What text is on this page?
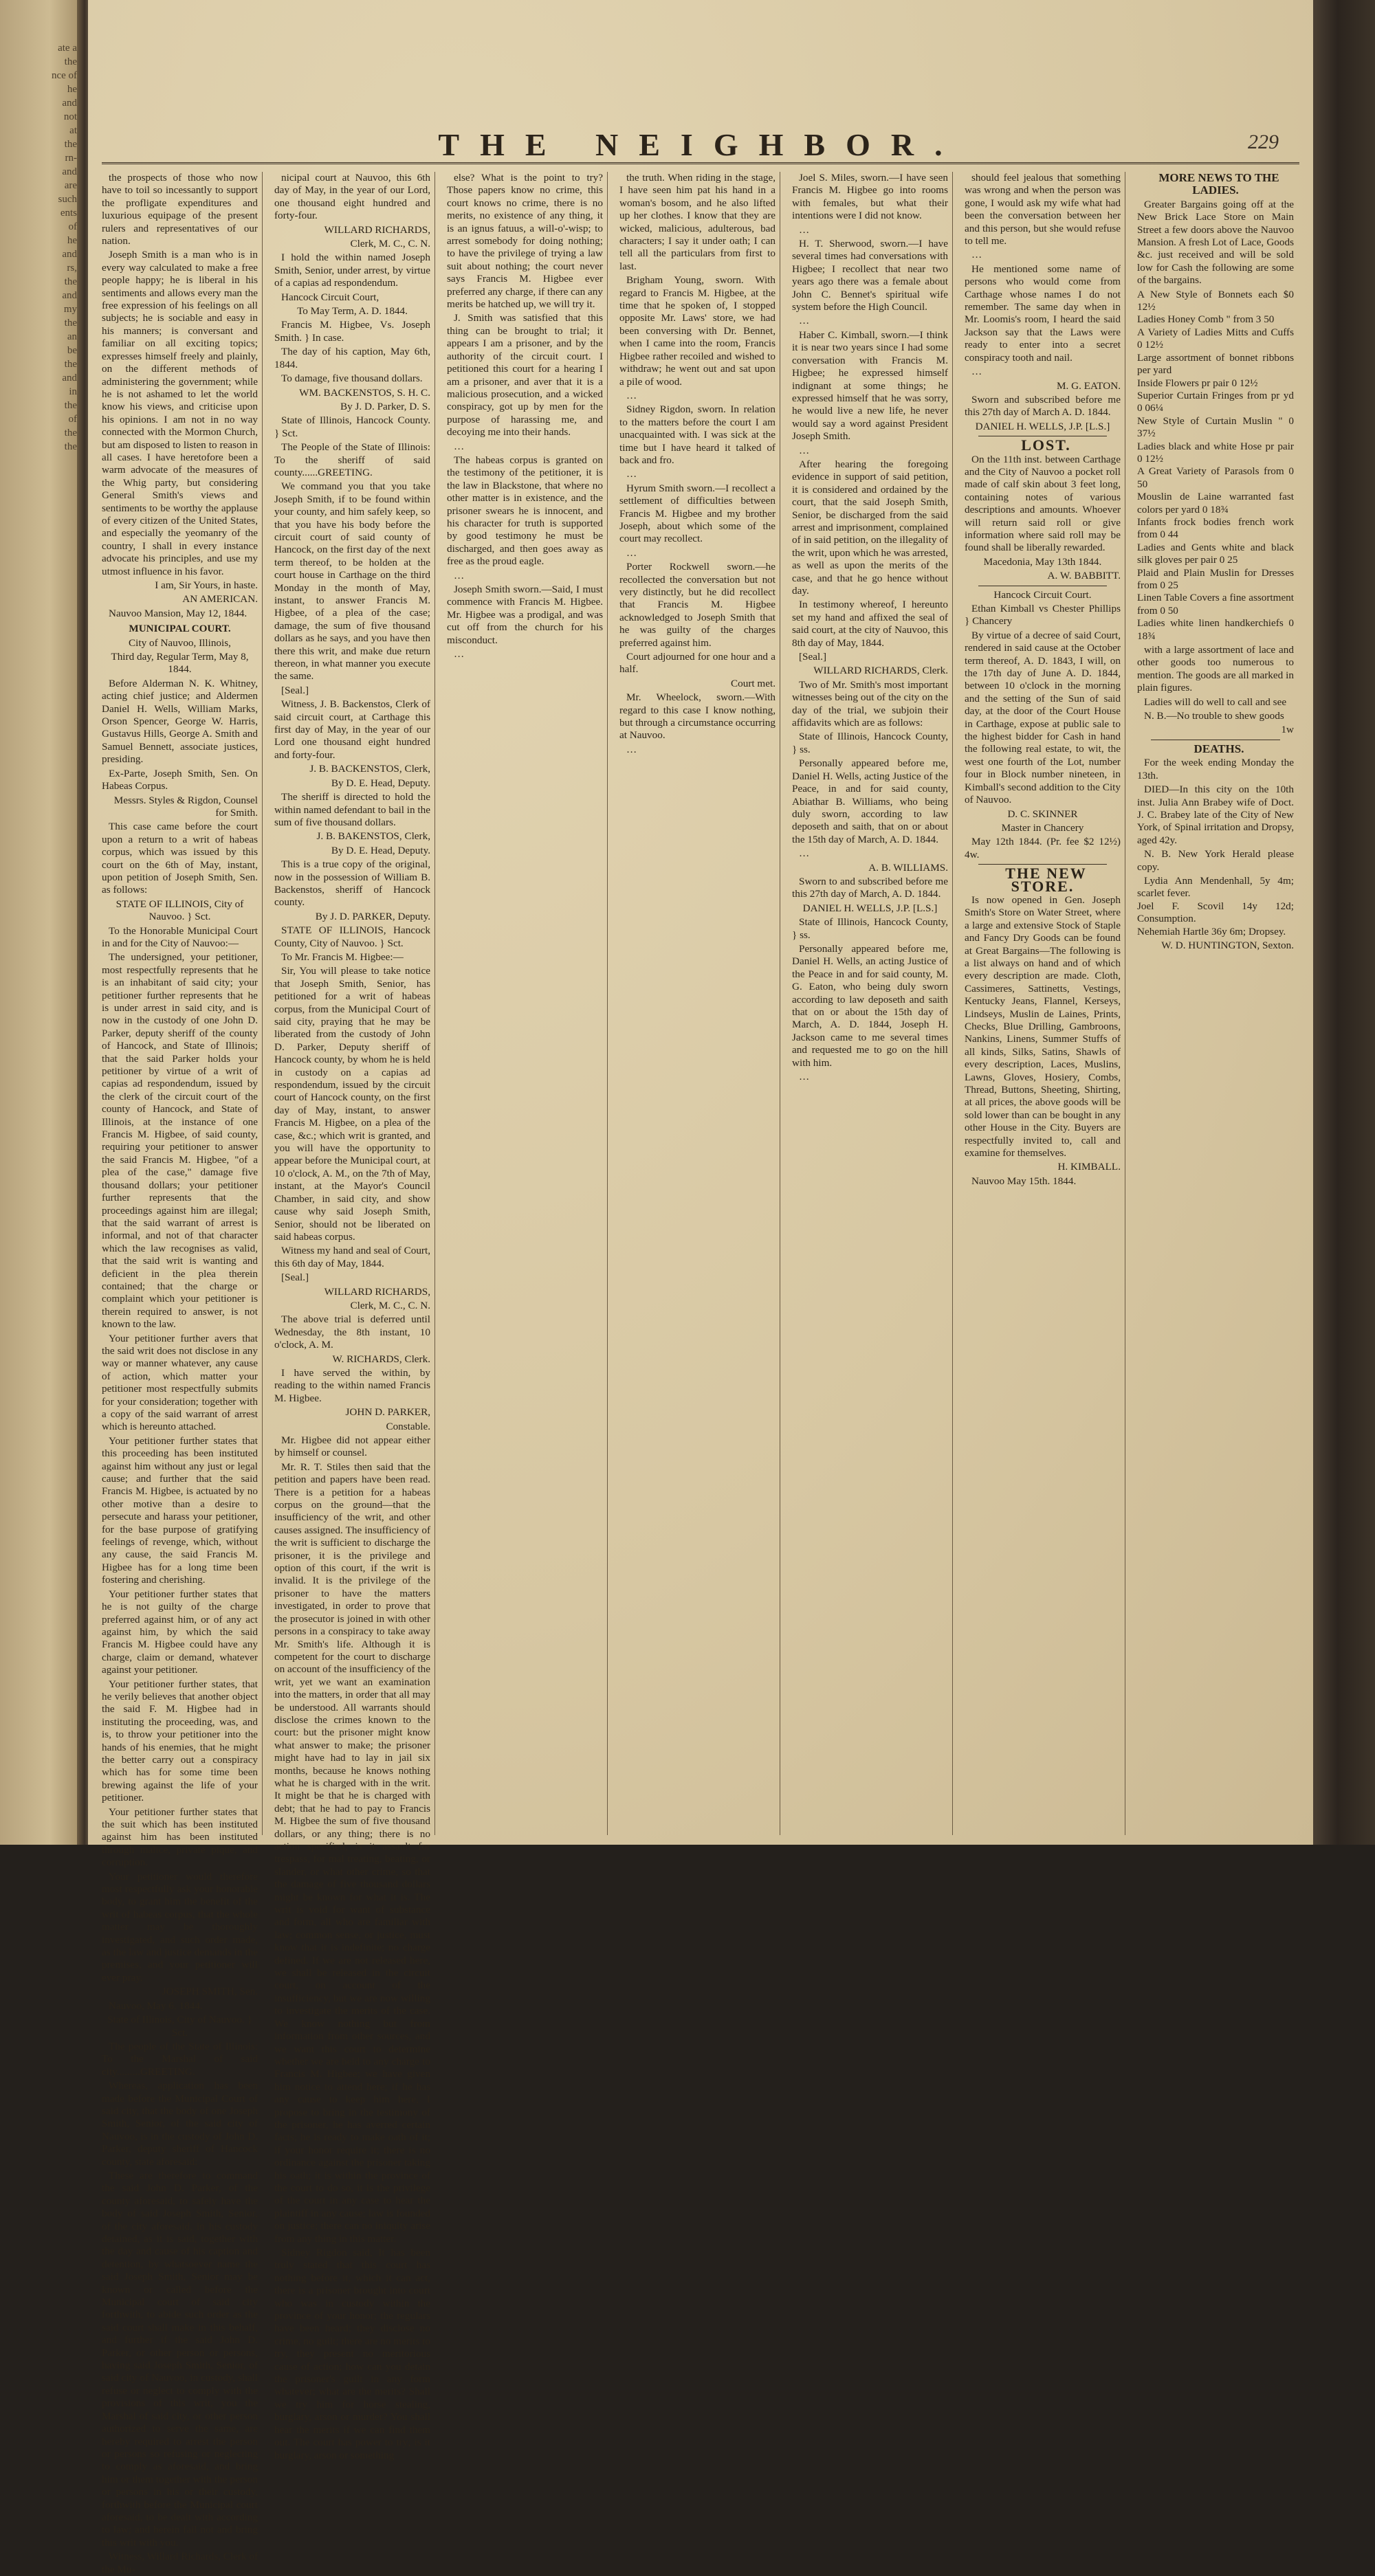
ate a
the
nce of
he
and
not
at
the
rn-
and
are
such
ents
of
he
and
rs,
the
and
my
the
an
be
the
and
in
the
of
the
the
THE NEIGHBOR.	229

the prospects of those who now have to toil so incessantly to support the profligate expenditures and luxurious equipage of the present rulers and representatives of our nation.

Joseph Smith is a man who is in every way calculated to make a free people happy; he is liberal in his sentiments and allows every man the free expression of his feelings on all subjects; he is sociable and easy in his manners; is conversant and familiar on all exciting topics; expresses himself freely and plainly, on the different methods of administering the government; while he is not ashamed to let the world know his views, and criticise upon his opinions. I am not in no way connected with the Mormon Church, but am disposed to listen to reason in all cases. I have heretofore been a warm advocate of the measures of the Whig party, but considering General Smith's views and sentiments to be worthy the applause of every citizen of the United States, and especially the yeomanry of the country, I shall in every instance advocate his principles, and use my utmost influence in his favor.

I am, Sir Yours, in haste.

AN AMERICAN.

Nauvoo Mansion, May 12, 1844.

MUNICIPAL COURT.

City of Nauvoo, Illinois,

Third day, Regular Term, May 8, 1844.

Before Alderman N. K. Whitney, acting chief justice; and Aldermen Daniel H. Wells, William Marks, Orson Spencer, George W. Harris, Gustavus Hills, George A. Smith and Samuel Bennett, associate justices, presiding.

Ex-Parte, Joseph Smith, Sen. On Habeas Corpus.

Messrs. Styles & Rigdon, Counsel for Smith.

This case came before the court upon a return to a writ of habeas corpus, which was issued by this court on the 6th of May, instant, upon petition of Joseph Smith, Sen. as follows:

STATE OF ILLINOIS, City of Nauvoo. } Sct.

To the Honorable Municipal Court in and for the City of Nauvoo:—

The undersigned, your petitioner, most respectfully represents that he is an inhabitant of said city; your petitioner further represents that he is under arrest in said city, and is now in the custody of one John D. Parker, deputy sheriff of the county of Hancock, and State of Illinois; that the said Parker holds your petitioner by virtue of a writ of capias ad respondendum, issued by the clerk of the circuit court of the county of Hancock, and State of Illinois, at the instance of one Francis M. Higbee, of said county, requiring your petitioner to answer the said Francis M. Higbee, "of a plea of the case," damage five thousand dollars; your petitioner further represents that the proceedings against him are illegal; that the said warrant of arrest is informal, and not of that character which the law recognises as valid, that the said writ is wanting and deficient in the plea therein contained; that the charge or complaint which your petitioner is therein required to answer, is not known to the law.

Your petitioner further avers that the said writ does not disclose in any way or manner whatever, any cause of action, which matter your petitioner most respectfully submits for your consideration; together with a copy of the said warrant of arrest which is hereunto attached.

Your petitioner further states that this proceeding has been instituted against him without any just or legal cause; and further that the said Francis M. Higbee, is actuated by no other motive than a desire to persecute and harass your petitioner, for the base purpose of gratifying feelings of revenge, which, without any cause, the said Francis M. Higbee has for a long time been fostering and cherishing.

Your petitioner further states that he is not guilty of the charge preferred against him, or of any act against him, by which the said Francis M. Higbee could have any charge, claim or demand, whatever against your petitioner.

Your petitioner further states, that he verily believes that another object the said F. M. Higbee had in instituting the proceeding, was, and is, to throw your petitioner into the hands of his enemies, that he might the better carry out a conspiracy which has for some time been brewing against the life of your petitioner.

Your petitioner further states that the suit which has been instituted against him has been instituted through malice, private pique, and corruption.

Your petitioner would therefore most respectfully ask your honorable body, to grant him the benefit of the writ of habeas corpus, that the whole matter may be thoroughly investigated, and such order made, as the law and justice demands in the premises, and your petitioner will ever pray.

JOSEPH SMITH, Sen.

Nauvoo, May 6, 1844.

State of Illinois, City of Nauvoo. } Sct.

The people of the State of Illinois: To the Marshal of said city.........GREETING.

Whereas, application has been made before the Municipal Court of said city, that the body of one Joseph Smith, Senior, of the said city of Nauvoo, is in the custody of John D. Parker, deputy sheriff of Hancock county, state aforesaid:

These are therefore to command the said John D. Parker, of the county aforesaid, to safely have the body of said Joseph Smith, Senior, of the city aforesaid, in his custody detained, as it is said, together with the day and cause of his caption and detention, by whatsoever name the said Joseph Smith, Senior may be known or called before the Municipal court of said city forthwith, to abide such order as the said court shall make in this behalf, and further if the said John D. Parker, or other person or persons, having said Joseph Smith, Senior, of said city of Nauvoo, in custody, shall refuse or neglect to comply with the provisions of this writ, you the Marshal of said city, or other person authorized to serve the same, are hereby required to arrest the person or persons so refusing or neglecting to comply as aforesaid, and bring him or them together with the person or persons in his or their custody, forthwith before the Municipal court aforesaid, to be dealt with according to law; and herein fail not and bring this writ with you.

Witness, Willard Richards, Clerk of the Mu-

nicipal court at Nauvoo, this 6th day of May, in the year of our Lord, one thousand eight hundred and forty-four.

WILLARD RICHARDS,

Clerk, M. C., C. N.

I hold the within named Joseph Smith, Senior, under arrest, by virtue of a capias ad respondendum.

Hancock Circuit Court,

To May Term, A. D. 1844.

Francis M. Higbee, Vs. Joseph Smith. } In case.

The day of his caption, May 6th, 1844.

To damage, five thousand dollars.

WM. BACKENSTOS, S. H. C.

By J. D. Parker, D. S.

State of Illinois, Hancock County. } Sct.

The People of the State of Illinois: To the sheriff of said county......GREETING.

We command you that you take Joseph Smith, if to be found within your county, and him safely keep, so that you have his body before the circuit court of said county of Hancock, on the first day of the next term thereof, to be holden at the court house in Carthage on the third Monday in the month of May, instant, to answer Francis M. Higbee, of a plea of the case; damage, the sum of five thousand dollars as he says, and you have then there this writ, and make due return thereon, in what manner you execute the same.

[Seal.]

Witness, J. B. Backenstos, Clerk of said circuit court, at Carthage this first day of May, in the year of our Lord one thousand eight hundred and forty-four.

J. B. BACKENSTOS, Clerk,

By D. E. Head, Deputy.

The sheriff is directed to hold the within named defendant to bail in the sum of five thousand dollars.

J. B. BAKENSTOS, Clerk,

By D. E. Head, Deputy.

This is a true copy of the original, now in the possession of William B. Backenstos, sheriff of Hancock county.

By J. D. PARKER, Deputy.

STATE OF ILLINOIS, Hancock County, City of Nauvoo. } Sct.

To Mr. Francis M. Higbee:—

Sir, You will please to take notice that Joseph Smith, Senior, has petitioned for a writ of habeas corpus, from the Municipal Court of said city, praying that he may be liberated from the custody of John D. Parker, Deputy sheriff of Hancock county, by whom he is held in custody on a capias ad respondendum, issued by the circuit court of Hancock county, on the first day of May, instant, to answer Francis M. Higbee, on a plea of the case, &c.; which writ is granted, and you will have the opportunity to appear before the Municipal court, at 10 o'clock, A. M., on the 7th of May, instant, at the Mayor's Council Chamber, in said city, and show cause why said Joseph Smith, Senior, should not be liberated on said habeas corpus.

Witness my hand and seal of Court, this 6th day of May, 1844.

[Seal.]

WILLARD RICHARDS,

Clerk, M. C., C. N.

The above trial is deferred until Wednesday, the 8th instant, 10 o'clock, A. M.

W. RICHARDS, Clerk.

I have served the within, by reading to the within named Francis M. Higbee.

JOHN D. PARKER,

Constable.

Mr. Higbee did not appear either by himself or counsel.

Mr. R. T. Stiles then said that the petition and papers have been read. There is a petition for a habeas corpus on the ground—that the insufficiency of the writ, and other causes assigned. The insufficiency of the writ is sufficient to discharge the prisoner, it is the privilege and option of this court, if the writ is invalid. It is the privilege of the prisoner to have the matters investigated, in order to prove that the prosecutor is joined in with other persons in a conspiracy to take away Mr. Smith's life. Although it is competent for the court to discharge on account of the insufficiency of the writ, yet we want an examination into the matters, in order that all may be understood. All warrants should disclose the crimes known to the court: but the prisoner might know what answer to make; the prisoner might have had to lay in jail six months, because he knows nothing what he is charged with in the writ. It might be that he is charged with debt; that he had to pay to Francis M. Higbee the sum of five thousand dollars, or any thing; there is no action specified; is it assault for trespass, for mal treating, beating, or slander, or what other crime, so that the damage of five thousand dollars might be known for what it is. The writ is void for want of substance and form, all who are familiar with law; common sense, or justice, must know that it is indefinite; no charge defined. If we are not released here, we shall be released in the circuit court, on account of the insufficiency, but we are now willing to investigate the merits of the case. We know nothing but from information from other sources, and we want this court to determine whether we are held to any charge to Francis M. Higbee; we have given him notice to attend here; if he has any cause to keep him here, I propose to bring in the testimony of the prisoner, he has averred certain facts; he is ready to make oath of it; if your honor require it; there is no ordinance against the prisoner taking his oath; it is within the province of the court to do so, it is the privilege of the court in any case to hear the plaintiff in any cause; law is founded on justice; there can no iniquity arise from any thing in this matter.

Sidney Rigdon said, It has been truly stated that this court has nothing before it, which it can act, there is a prisoner brought into court who was in custody within the province of your honor; the regulars have been heard; they disclose no crime, no guilt; there are no merits to try, they present no meritorious cause of action; how can you detain the prisoner's guilt in any form whatever; what are the merits? Shall we try him for horse stealing, burglary, arson or murder? You shall hear the merits if we can find them out. The court has power to try; is it burglary, arson or something

else? What is the point to try? Those papers know no crime, this court knows no crime, there is no merits, no existence of any thing, it is an ignus fatuus, a will-o'-wisp; to arrest somebody for doing nothing; to have the privilege of trying a law suit about nothing; the court never says Francis M. Higbee ever preferred any charge, if there can any merits be hatched up, we will try it.

J. Smith was satisfied that this thing can be brought to trial; it appears I am a prisoner, and by the authority of the circuit court. I petitioned this court for a hearing I am a prisoner, and aver that it is a malicious prosecution, and a wicked conspiracy, got up by men for the purpose of harassing me, and decoying me into their hands.

…

The habeas corpus is granted on the testimony of the petitioner, it is the law in Blackstone, that where no other matter is in existence, and the prisoner swears he is innocent, and his character for truth is supported by good testimony he must be discharged, and then goes away as free as the proud eagle.

…

Joseph Smith sworn.—Said, I must commence with Francis M. Higbee. Mr. Higbee was a prodigal, and was cut off from the church for his misconduct.

…

the truth. When riding in the stage, I have seen him pat his hand in a woman's bosom, and he also lifted up her clothes. I know that they are wicked, malicious, adulterous, bad characters; I say it under oath; I can tell all the particulars from first to last.

Brigham Young, sworn. With regard to Francis M. Higbee, at the time that he spoken of, I stopped opposite Mr. Laws' store, we had been conversing with Dr. Bennet, when I came into the room, Francis Higbee rather recoiled and wished to withdraw; he went out and sat upon a pile of wood.

…

Sidney Rigdon, sworn. In relation to the matters before the court I am unacquainted with. I was sick at the time but I have heard it talked of back and fro.

…

Hyrum Smith sworn.—I recollect a settlement of difficulties between Francis M. Higbee and my brother Joseph, about which some of the court may recollect.

…

Porter Rockwell sworn.—he recollected the conversation but not very distinctly, but he did recollect that Francis M. Higbee acknowledged to Joseph Smith that he was guilty of the charges preferred against him.

Court adjourned for one hour and a half.

Court met.

Mr. Wheelock, sworn.—With regard to this case I know nothing, but through a circumstance occurring at Nauvoo.

…

Joel S. Miles, sworn.—I have seen Francis M. Higbee go into rooms with females, but what their intentions were I did not know.

…

H. T. Sherwood, sworn.—I have several times had conversations with Higbee; I recollect that near two years ago there was a female about John C. Bennet's spiritual wife system before the High Council.

…

Haber C. Kimball, sworn.—I think it is near two years since I had some conversation with Francis M. Higbee; he expressed himself indignant at some things; he expressed himself that he was sorry, he would live a new life, he never would say a word against President Joseph Smith.

…

After hearing the foregoing evidence in support of said petition, it is considered and ordained by the court, that the said Joseph Smith, Senior, be discharged from the said arrest and imprisonment, complained of in said petition, on the illegality of the writ, upon which he was arrested, as well as upon the merits of the case, and that he go hence without day.

In testimony whereof, I hereunto set my hand and affixed the seal of said court, at the city of Nauvoo, this 8th day of May, 1844.

[Seal.]

WILLARD RICHARDS, Clerk.

Two of Mr. Smith's most important witnesses being out of the city on the day of the trial, we subjoin their affidavits which are as follows:

State of Illinois, Hancock County, } ss.

Personally appeared before me, Daniel H. Wells, acting Justice of the Peace, in and for said county, Abiathar B. Williams, who being duly sworn, according to law deposeth and saith, that on or about the 15th day of March, A. D. 1844.

…

A. B. WILLIAMS.

Sworn to and subscribed before me this 27th day of March, A. D. 1844.

DANIEL H. WELLS, J.P. [L.S.]

State of Illinois, Hancock County, } ss.

Personally appeared before me, Daniel H. Wells, an acting Justice of the Peace in and for said county, M. G. Eaton, who being duly sworn according to law deposeth and saith that on or about the 15th day of March, A. D. 1844, Joseph H. Jackson came to me several times and requested me to go on the hill with him.

…

should feel jealous that something was wrong and when the person was gone, I would ask my wife what had been the conversation between her and this person, but she would refuse to tell me.

…

He mentioned some name of persons who would come from Carthage whose names I do not remember. The same day when in Mr. Loomis's room, I heard the said Jackson say that the Laws were ready to enter into a secret conspiracy tooth and nail.

…

M. G. EATON.

Sworn and subscribed before me this 27th day of March A. D. 1844.

DANIEL H. WELLS, J.P. [L.S.]

LOST.

On the 11th inst. between Carthage and the City of Nauvoo a pocket roll made of calf skin about 3 feet long, containing notes of various descriptions and amounts. Whoever will return said roll or give information where said roll may be found shall be liberally rewarded.

Macedonia, May 13th 1844.

A. W. BABBITT.

Hancock Circuit Court.

Ethan Kimball vs Chester Phillips } Chancery

By virtue of a decree of said Court, rendered in said cause at the October term thereof, A. D. 1843, I will, on the 17th day of June A. D. 1844, between 10 o'clock in the morning and the setting of the Sun of said day, at the door of the Court House in Carthage, expose at public sale to the highest bidder for Cash in hand the following real estate, to wit, the west one fourth of the Lot, number four in Block number nineteen, in Kimball's second addition to the City of Nauvoo.

D. C. SKINNER

Master in Chancery

May 12th 1844. (Pr. fee $2 12½) 4w.

THE NEW STORE.

Is now opened in Gen. Joseph Smith's Store on Water Street, where a large and extensive Stock of Staple and Fancy Dry Goods can be found at Great Bargains—The following is a list always on hand and of which every description are made. Cloth, Cassimeres, Sattinetts, Vestings, Kentucky Jeans, Flannel, Kerseys, Lindseys, Muslin de Laines, Prints, Checks, Blue Drilling, Gambroons, Nankins, Linens, Summer Stuffs of all kinds, Silks, Satins, Shawls of every description, Laces, Muslins, Lawns, Gloves, Hosiery, Combs, Thread, Buttons, Sheeting, Shirting, at all prices, the above goods will be sold lower than can be bought in any other House in the City. Buyers are respectfully invited to, call and examine for themselves.

H. KIMBALL.

Nauvoo May 15th. 1844.

MORE NEWS TO THE LADIES.

Greater Bargains going off at the New Brick Lace Store on Main Street a few doors above the Nauvoo Mansion. A fresh Lot of Lace, Goods &c. just received and will be sold low for Cash the following are some of the bargains.

A New Style of Bonnets each $0 12½
Ladies Honey Comb " from 3 50
A Variety of Ladies Mitts and Cuffs 0 12½
Large assortment of bonnet ribbons per yard
Inside Flowers pr pair 0 12½
Superior Curtain Fringes from pr yd 0 06¼
New Style of Curtain Muslin " 0 37½
Ladies black and white Hose pr pair 0 12½
A Great Variety of Parasols from 0 50
Mouslin de Laine warranted fast colors per yard 0 18¾
Infants frock bodies french work from 0 44
Ladies and Gents white and black silk gloves per pair 0 25
Plaid and Plain Muslin for Dresses from 0 25
Linen Table Covers a fine assortment from 0 50
Ladies white linen handkerchiefs 0 18¾

with a large assortment of lace and other goods too numerous to mention. The goods are all marked in plain figures.

Ladies will do well to call and see

N. B.—No trouble to shew goods

1w

DEATHS.

For the week ending Monday the 13th.

DIED—In this city on the 10th inst. Julia Ann Brabey wife of Doct. J. C. Brabey late of the City of New York, of Spinal irritation and Dropsy, aged 42y.

N. B. New York Herald please copy.

Lydia Ann Mendenhall, 5y 4m; scarlet fever.
Joel F. Scovil 14y 12d; Consumption.
Nehemiah Hartle 36y 6m; Dropsey.

W. D. HUNTINGTON, Sexton.
